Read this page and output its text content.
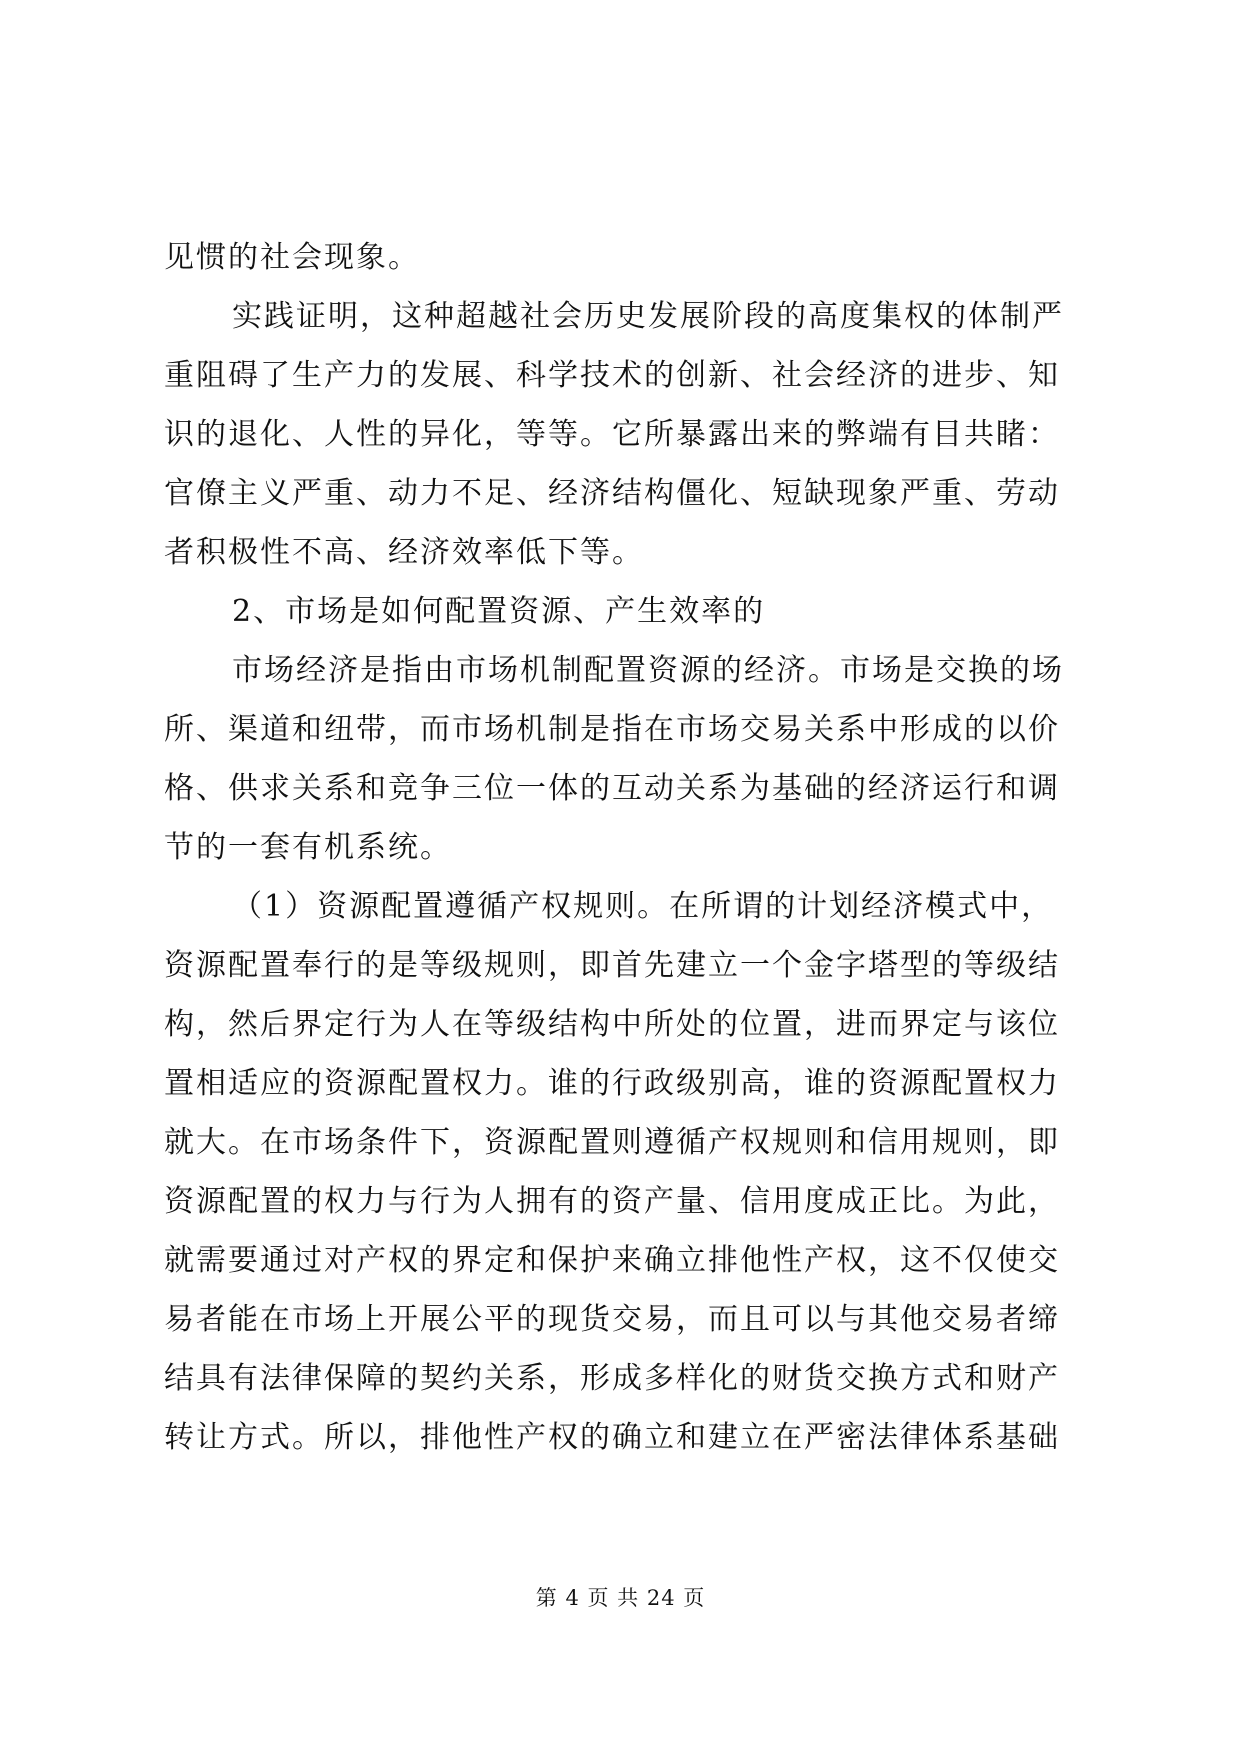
见惯的社会现象。
实践证明，这种超越社会历史发展阶段的高度集权的体制严
重阻碍了生产力的发展、科学技术的创新、社会经济的进步、知
识的退化、人性的异化，等等。它所暴露出来的弊端有目共睹：
官僚主义严重、动力不足、经济结构僵化、短缺现象严重、劳动
者积极性不高、经济效率低下等。
2、市场是如何配置资源、产生效率的
市场经济是指由市场机制配置资源的经济。市场是交换的场
所、渠道和纽带，而市场机制是指在市场交易关系中形成的以价
格、供求关系和竞争三位一体的互动关系为基础的经济运行和调
节的一套有机系统。
（1）资源配置遵循产权规则。在所谓的计划经济模式中，
资源配置奉行的是等级规则，即首先建立一个金字塔型的等级结
构，然后界定行为人在等级结构中所处的位置，进而界定与该位
置相适应的资源配置权力。谁的行政级别高，谁的资源配置权力
就大。在市场条件下，资源配置则遵循产权规则和信用规则，即
资源配置的权力与行为人拥有的资产量、信用度成正比。为此，
就需要通过对产权的界定和保护来确立排他性产权，这不仅使交
易者能在市场上开展公平的现货交易，而且可以与其他交易者缔
结具有法律保障的契约关系，形成多样化的财货交换方式和财产
转让方式。所以，排他性产权的确立和建立在严密法律体系基础
第 4 页 共 24 页
